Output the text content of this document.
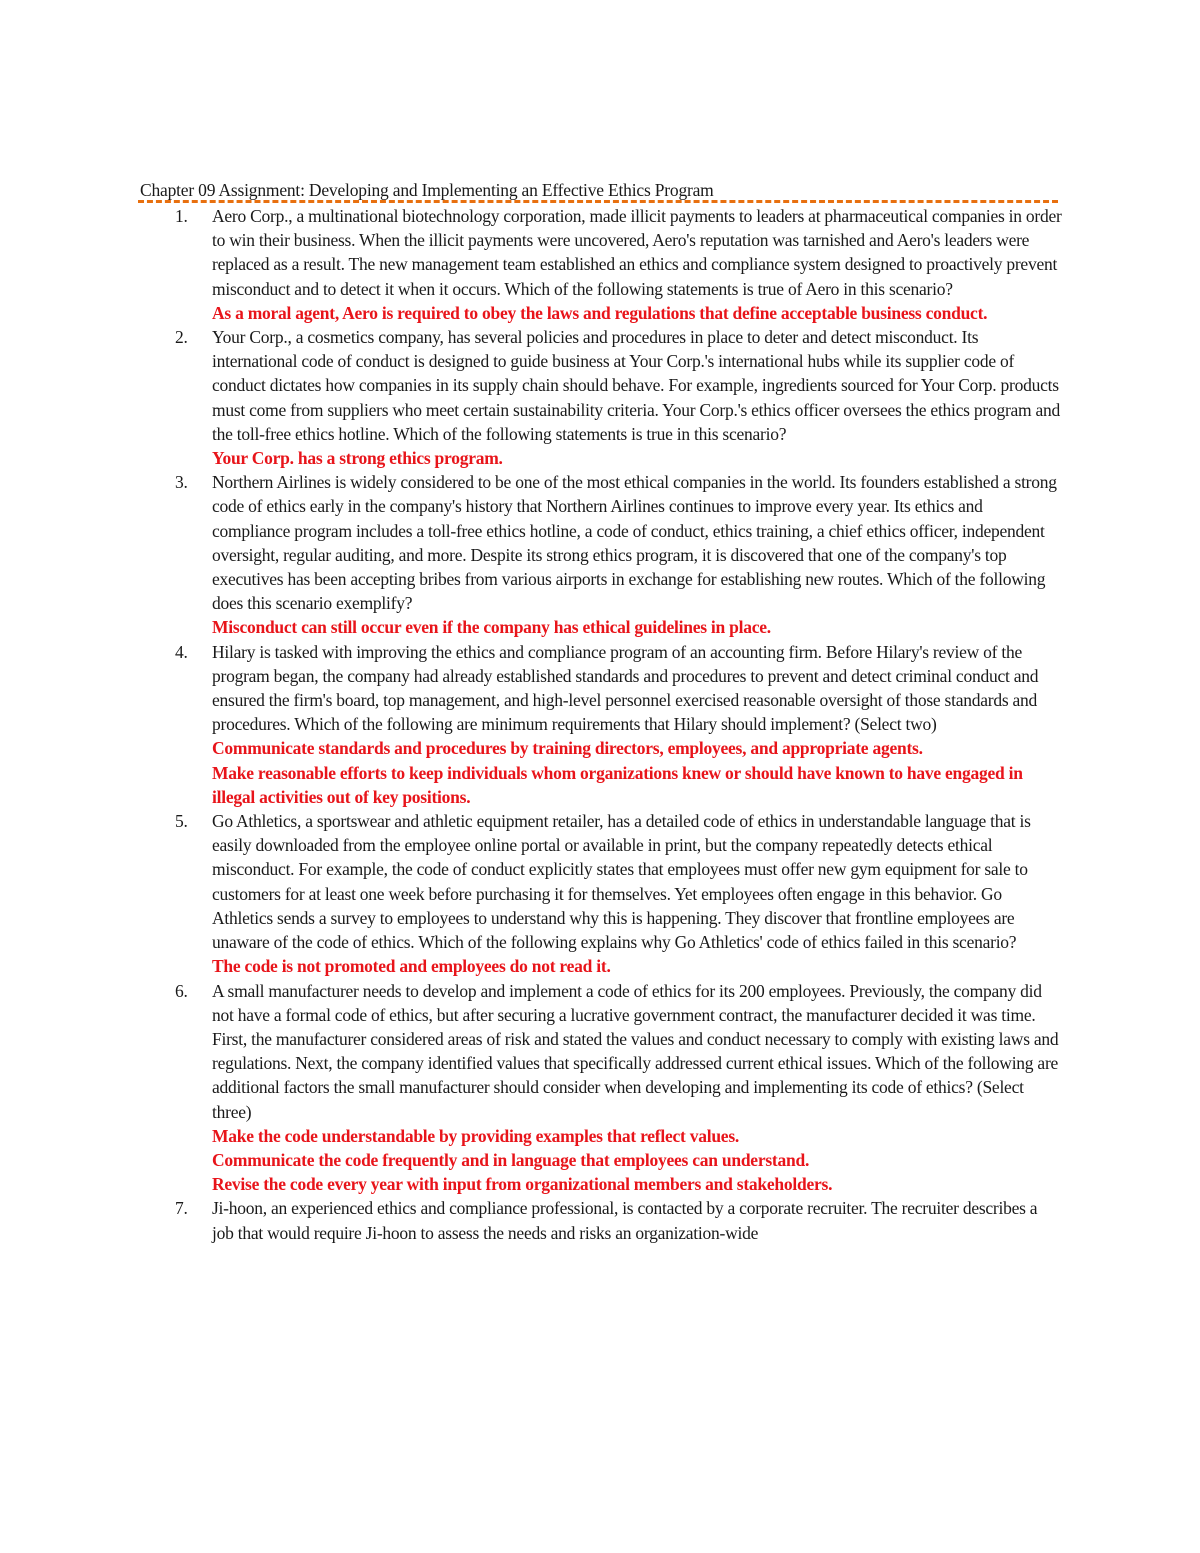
Chapter 09 Assignment: Developing and Implementing an Effective Ethics Program
1.	Aero Corp., a multinational biotechnology corporation, made illicit payments to leaders at pharmaceutical companies in order to win their business. When the illicit payments were uncovered, Aero's reputation was tarnished and Aero's leaders were replaced as a result. The new management team established an ethics and compliance system designed to proactively prevent misconduct and to detect it when it occurs. Which of the following statements is true of Aero in this scenario?

As a moral agent, Aero is required to obey the laws and regulations that define acceptable business conduct.

2.	Your Corp., a cosmetics company, has several policies and procedures in place to deter and detect misconduct. Its international code of conduct is designed to guide business at Your Corp.'s international hubs while its supplier code of conduct dictates how companies in its supply chain should behave. For example, ingredients sourced for Your Corp. products must come from suppliers who meet certain sustainability criteria. Your Corp.'s ethics officer oversees the ethics program and the toll-free ethics hotline. Which of the following statements is true in this scenario?

Your Corp. has a strong ethics program.

3.	Northern Airlines is widely considered to be one of the most ethical companies in the world. Its founders established a strong code of ethics early in the company's history that Northern Airlines continues to improve every year. Its ethics and compliance program includes a toll-free ethics hotline, a code of conduct, ethics training, a chief ethics officer, independent oversight, regular auditing, and more. Despite its strong ethics program, it is discovered that one of the company's top executives has been accepting bribes from various airports in exchange for establishing new routes. Which of the following does this scenario exemplify?

Misconduct can still occur even if the company has ethical guidelines in place.

4.	Hilary is tasked with improving the ethics and compliance program of an accounting firm. Before Hilary's review of the program began, the company had already established standards and procedures to prevent and detect criminal conduct and ensured the firm's board, top management, and high-level personnel exercised reasonable oversight of those standards and procedures. Which of the following are minimum requirements that Hilary should implement? (Select two)

Communicate standards and procedures by training directors, employees, and appropriate agents.

Make reasonable efforts to keep individuals whom organizations knew or should have known to have engaged in illegal activities out of key positions.

5.	Go Athletics, a sportswear and athletic equipment retailer, has a detailed code of ethics in understandable language that is easily downloaded from the employee online portal or available in print, but the company repeatedly detects ethical misconduct. For example, the code of conduct explicitly states that employees must offer new gym equipment for sale to customers for at least one week before purchasing it for themselves. Yet employees often engage in this behavior. Go Athletics sends a survey to employees to understand why this is happening. They discover that frontline employees are unaware of the code of ethics. Which of the following explains why Go Athletics' code of ethics failed in this scenario?

The code is not promoted and employees do not read it.

6.	A small manufacturer needs to develop and implement a code of ethics for its 200 employees. Previously, the company did not have a formal code of ethics, but after securing a lucrative government contract, the manufacturer decided it was time. First, the manufacturer considered areas of risk and stated the values and conduct necessary to comply with existing laws and regulations. Next, the company identified values that specifically addressed current ethical issues. Which of the following are additional factors the small manufacturer should consider when developing and implementing its code of ethics? (Select three)

Make the code understandable by providing examples that reflect values.

Communicate the code frequently and in language that employees can understand.

Revise the code every year with input from organizational members and stakeholders.

7.	Ji-hoon, an experienced ethics and compliance professional, is contacted by a corporate recruiter. The recruiter describes a job that would require Ji-hoon to assess the needs and risks an organization-wide
